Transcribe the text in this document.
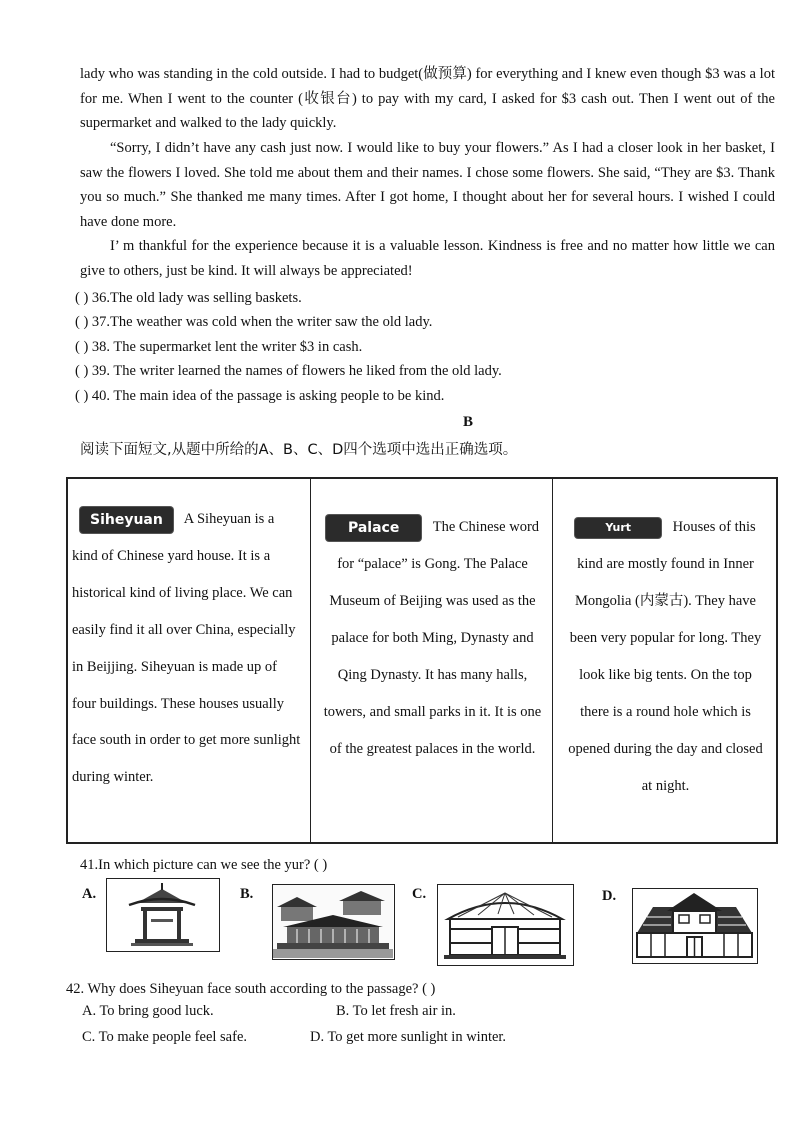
lady who was standing in the cold outside. I had to budget(做预算) for everything and I knew even though $3 was a lot for me. When I went to the counter (收银台) to pay with my card, I asked for $3 cash out. Then I went out of the supermarket and walked to the lady quickly.

“Sorry, I didn’t have any cash just now. I would like to buy your flowers.” As I had a closer look in her basket, I saw the flowers I loved. She told me about them and their names. I chose some flowers. She said, “They are $3. Thank you so much.” She thanked me many times. After I got home, I thought about her for several hours. I wished I could have done more.

I’ m thankful for the experience because it is a valuable lesson. Kindness is free and no matter how little we can give to others, just be kind. It will always be appreciated!

( ) 36.The old lady was selling baskets.
( ) 37.The weather was cold when the writer saw the old lady.
( ) 38. The supermarket lent the writer $3 in cash.
( ) 39. The writer learned the names of flowers he liked from the old lady.
( ) 40. The main idea of the passage is asking people to be kind.
B
阅读下面短文,从题中所给的A、B、C、D四个选项中选出正确选项。
Siheyuan A Siheyuan is a kind of Chinese yard house. It is a historical kind of living place. We can easily find it all over China, especially in Beijjing. Siheyuan is made up of four buildings. These houses usually face south in order to get more sunlight during winter.
Palace The Chinese word for “palace” is Gong. The Palace Museum of Beijing was used as the palace for both Ming, Dynasty and Qing Dynasty. It has many halls, towers, and small parks in it. It is one of the greatest palaces in the world.
Yurt	Houses of this kind are mostly found in Inner Mongolia (内蒙古). They have been very popular for long. They look like big tents. On the top there is a round hole which is opened during the day and closed at night.
41.In which picture can we see the yur? ( )
A.	B.	C.	D.
42. Why does Siheyuan face south according to the passage? ( )
A. To bring good luck.	B. To let fresh air in.
C. To make people feel safe.	D. To get more sunlight in winter.
